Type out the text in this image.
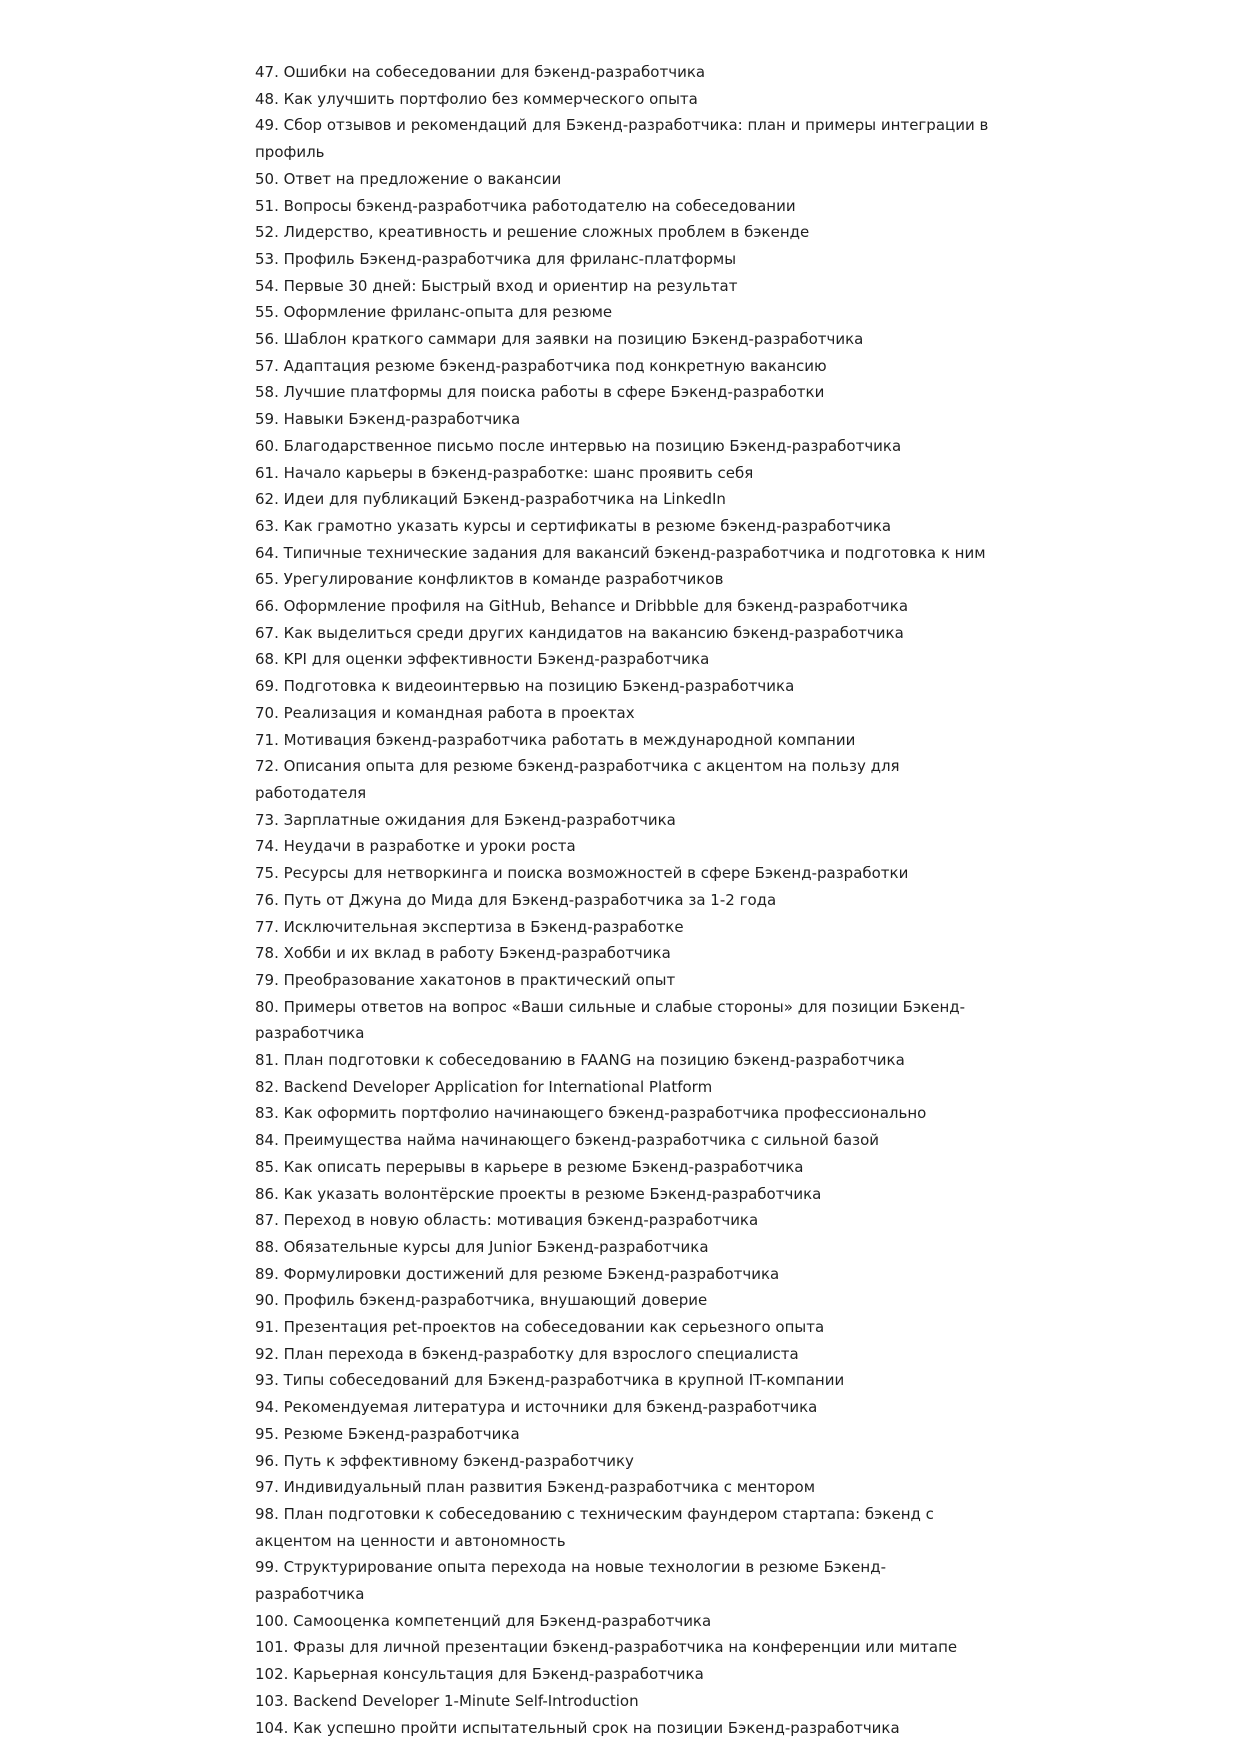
47. Ошибки на собеседовании для бэкенд-разработчика
48. Как улучшить портфолио без коммерческого опыта
49. Сбор отзывов и рекомендаций для Бэкенд-разработчика: план и примеры интеграции в профиль
50. Ответ на предложение о вакансии
51. Вопросы бэкенд-разработчика работодателю на собеседовании
52. Лидерство, креативность и решение сложных проблем в бэкенде
53. Профиль Бэкенд-разработчика для фриланс-платформы
54. Первые 30 дней: Быстрый вход и ориентир на результат
55. Оформление фриланс-опыта для резюме
56. Шаблон краткого саммари для заявки на позицию Бэкенд-разработчика
57. Адаптация резюме бэкенд-разработчика под конкретную вакансию
58. Лучшие платформы для поиска работы в сфере Бэкенд-разработки
59. Навыки Бэкенд-разработчика
60. Благодарственное письмо после интервью на позицию Бэкенд-разработчика
61. Начало карьеры в бэкенд-разработке: шанс проявить себя
62. Идеи для публикаций Бэкенд-разработчика на LinkedIn
63. Как грамотно указать курсы и сертификаты в резюме бэкенд-разработчика
64. Типичные технические задания для вакансий бэкенд-разработчика и подготовка к ним
65. Урегулирование конфликтов в команде разработчиков
66. Оформление профиля на GitHub, Behance и Dribbble для бэкенд-разработчика
67. Как выделиться среди других кандидатов на вакансию бэкенд-разработчика
68. KPI для оценки эффективности Бэкенд-разработчика
69. Подготовка к видеоинтервью на позицию Бэкенд-разработчика
70. Реализация и командная работа в проектах
71. Мотивация бэкенд-разработчика работать в международной компании
72. Описания опыта для резюме бэкенд-разработчика с акцентом на пользу для работодателя
73. Зарплатные ожидания для Бэкенд-разработчика
74. Неудачи в разработке и уроки роста
75. Ресурсы для нетворкинга и поиска возможностей в сфере Бэкенд-разработки
76. Путь от Джуна до Мида для Бэкенд-разработчика за 1-2 года
77. Исключительная экспертиза в Бэкенд-разработке
78. Хобби и их вклад в работу Бэкенд-разработчика
79. Преобразование хакатонов в практический опыт
80. Примеры ответов на вопрос «Ваши сильные и слабые стороны» для позиции Бэкенд-разработчика
81. План подготовки к собеседованию в FAANG на позицию бэкенд-разработчика
82. Backend Developer Application for International Platform
83. Как оформить портфолио начинающего бэкенд-разработчика профессионально
84. Преимущества найма начинающего бэкенд-разработчика с сильной базой
85. Как описать перерывы в карьере в резюме Бэкенд-разработчика
86. Как указать волонтёрские проекты в резюме Бэкенд-разработчика
87. Переход в новую область: мотивация бэкенд-разработчика
88. Обязательные курсы для Junior Бэкенд-разработчика
89. Формулировки достижений для резюме Бэкенд-разработчика
90. Профиль бэкенд-разработчика, внушающий доверие
91. Презентация pet-проектов на собеседовании как серьезного опыта
92. План перехода в бэкенд-разработку для взрослого специалиста
93. Типы собеседований для Бэкенд-разработчика в крупной IT-компании
94. Рекомендуемая литература и источники для бэкенд-разработчика
95. Резюме Бэкенд-разработчика
96. Путь к эффективному бэкенд-разработчику
97. Индивидуальный план развития Бэкенд-разработчика с ментором
98. План подготовки к собеседованию с техническим фаундером стартапа: бэкенд с акцентом на ценности и автономность
99. Структурирование опыта перехода на новые технологии в резюме Бэкенд-разработчика
100. Самооценка компетенций для Бэкенд-разработчика
101. Фразы для личной презентации бэкенд-разработчика на конференции или митапе
102. Карьерная консультация для Бэкенд-разработчика
103. Backend Developer 1-Minute Self-Introduction
104. Как успешно пройти испытательный срок на позиции Бэкенд-разработчика
